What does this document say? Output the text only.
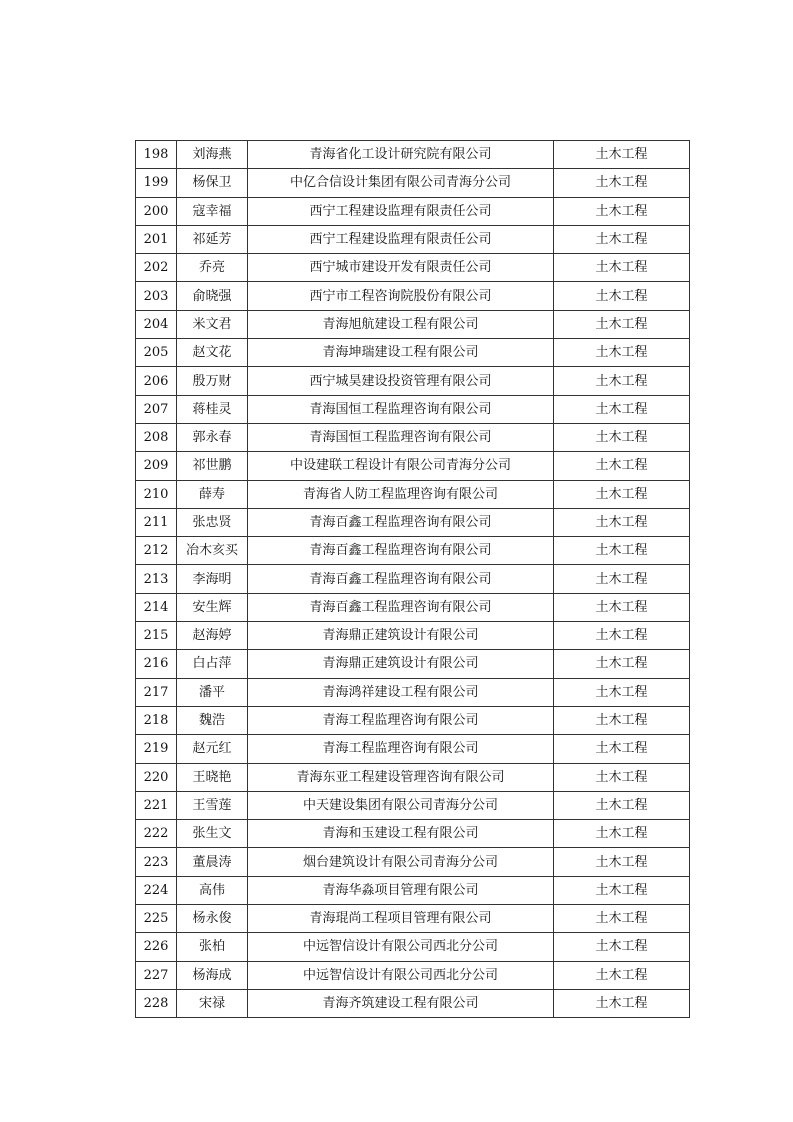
198	刘海燕	青海省化工设计研究院有限公司	土木工程
199	杨保卫	中亿合信设计集团有限公司青海分公司	土木工程
200	寇幸福	西宁工程建设监理有限责任公司	土木工程
201	祁延芳	西宁工程建设监理有限责任公司	土木工程
202	乔亮	西宁城市建设开发有限责任公司	土木工程
203	俞晓强	西宁市工程咨询院股份有限公司	土木工程
204	米文君	青海旭航建设工程有限公司	土木工程
205	赵文花	青海坤瑞建设工程有限公司	土木工程
206	殷万财	西宁城昊建设投资管理有限公司	土木工程
207	蒋桂灵	青海国恒工程监理咨询有限公司	土木工程
208	郭永春	青海国恒工程监理咨询有限公司	土木工程
209	祁世鹏	中设建联工程设计有限公司青海分公司	土木工程
210	薛寿	青海省人防工程监理咨询有限公司	土木工程
211	张忠贤	青海百鑫工程监理咨询有限公司	土木工程
212	冶木亥买	青海百鑫工程监理咨询有限公司	土木工程
213	李海明	青海百鑫工程监理咨询有限公司	土木工程
214	安生辉	青海百鑫工程监理咨询有限公司	土木工程
215	赵海婷	青海鼎正建筑设计有限公司	土木工程
216	白占萍	青海鼎正建筑设计有限公司	土木工程
217	潘平	青海鸿祥建设工程有限公司	土木工程
218	魏浩	青海工程监理咨询有限公司	土木工程
219	赵元红	青海工程监理咨询有限公司	土木工程
220	王晓艳	青海东亚工程建设管理咨询有限公司	土木工程
221	王雪莲	中天建设集团有限公司青海分公司	土木工程
222	张生文	青海和玉建设工程有限公司	土木工程
223	董晨涛	烟台建筑设计有限公司青海分公司	土木工程
224	高伟	青海华淼项目管理有限公司	土木工程
225	杨永俊	青海琨尚工程项目管理有限公司	土木工程
226	张柏	中远智信设计有限公司西北分公司	土木工程
227	杨海成	中远智信设计有限公司西北分公司	土木工程
228	宋禄	青海齐筑建设工程有限公司	土木工程
